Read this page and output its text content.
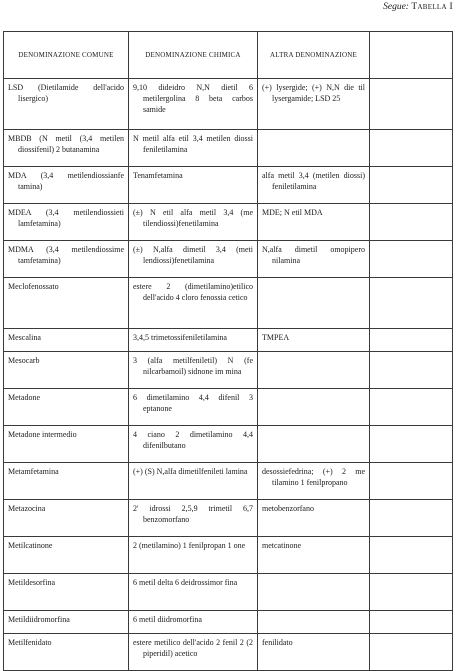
Segue: Tabella I
DENOMINAZIONE COMUNE	DENOMINAZIONE CHIMICA	ALTRA DENOMINAZIONE	

LSD (Dietilamide dell'acido lisergico)	9,10 dideidro N,N dietil 6 metilergolina 8 beta carbos samide	(+) lysergide; (+) N,N die til lysergamide; LSD 25	

MBDB (N metil (3,4 metilen diossifenil) 2 butanamina	N metil alfa etil 3,4 metilen diossi feniletilamina		

MDA (3,4 metilendiossianfe tamina)	Tenamfetamina	alfa metil 3,4 (metilen diossi) feniletilamina	

MDEA (3,4 metilendiossieti lamfetamina)	(±) N etil alfa metil 3,4 (me tilendiossi)fenetilamina	MDE; N etil MDA	

MDMA (3,4 metilendiossime tamfetamina)	(±) N,alfa dimetil 3,4 (meti lendiossi)fenetilamina	N,alfa dimetil omopipero nilamina	

Meclofenossato	estere 2 (dimetilamino)etilico dell'acido 4 cloro fenossia cetico		

Mescalina	3,4,5 trimetossifeniletilamina	TMPEA	

Mesocarb	3 (alfa metilfeniletil) N (fe nilcarbamoil) sidnone im mina		

Metadone	6 dimetilamino 4,4 difenil 3 eptanone		

Metadone intermedio	4 ciano 2 dimetilamino 4,4 difenilbutano		

Metamfetamina	(+) (S) N,alfa dimetilfenileti lamina	desossiefedrina; (+) 2 me tilamino 1 fenilpropano	

Metazocina	2' idrossi 2,5,9 trimetil 6,7 benzomorfano	metobenzorfano	

Metilcatinone	2 (metilamino) 1 fenilpropan 1 one	metcatinone	

Metildesorfina	6 metil delta 6 deidrossimor fina		

Metildiidromorfina	6 metil diidromorfina		

Metilfenidato	estere metilico dell'acido 2 fenil 2 (2 piperidil) acetico	fenilidato	
